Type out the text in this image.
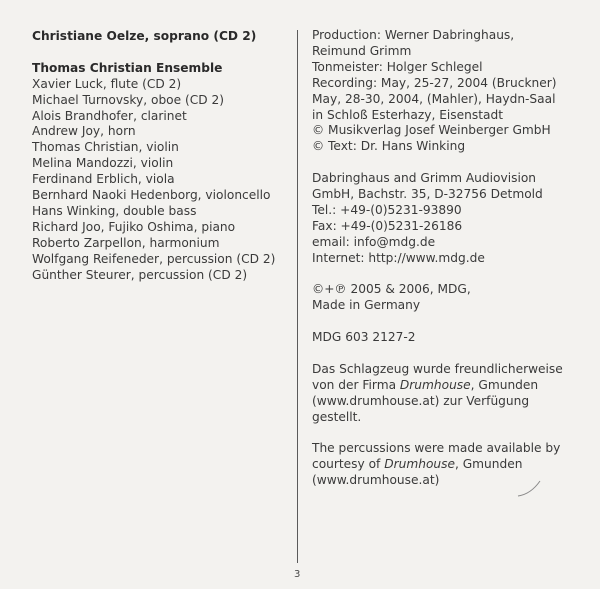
Christiane Oelze, soprano (CD 2)
Thomas Christian Ensemble
Xavier Luck, flute (CD 2)
Michael Turnovsky, oboe (CD 2)
Alois Brandhofer, clarinet
Andrew Joy, horn
Thomas Christian, violin
Melina Mandozzi, violin
Ferdinand Erblich, viola
Bernhard Naoki Hedenborg, violoncello
Hans Winking, double bass
Richard Joo, Fujiko Oshima, piano
Roberto Zarpellon, harmonium
Wolfgang Reifeneder, percussion (CD 2)
Günther Steurer, percussion (CD 2)
Production: Werner Dabringhaus,
Reimund Grimm
Tonmeister: Holger Schlegel
Recording: May, 25-27, 2004 (Bruckner)
May, 28-30, 2004, (Mahler), Haydn-Saal
in Schloß Esterhazy, Eisenstadt
© Musikverlag Josef Weinberger GmbH
© Text: Dr. Hans Winking
Dabringhaus and Grimm Audiovision
GmbH, Bachstr. 35, D-32756 Detmold
Tel.: +49-(0)5231-93890
Fax: +49-(0)5231-26186
email: info@mdg.de
Internet: http://www.mdg.de
©+℗ 2005 & 2006, MDG,
Made in Germany
MDG 603 2127-2
Das Schlagzeug wurde freundlicherweise
von der Firma Drumhouse, Gmunden
(www.drumhouse.at) zur Verfügung
gestellt.
The percussions were made available by
courtesy of Drumhouse, Gmunden
(www.drumhouse.at)
3
